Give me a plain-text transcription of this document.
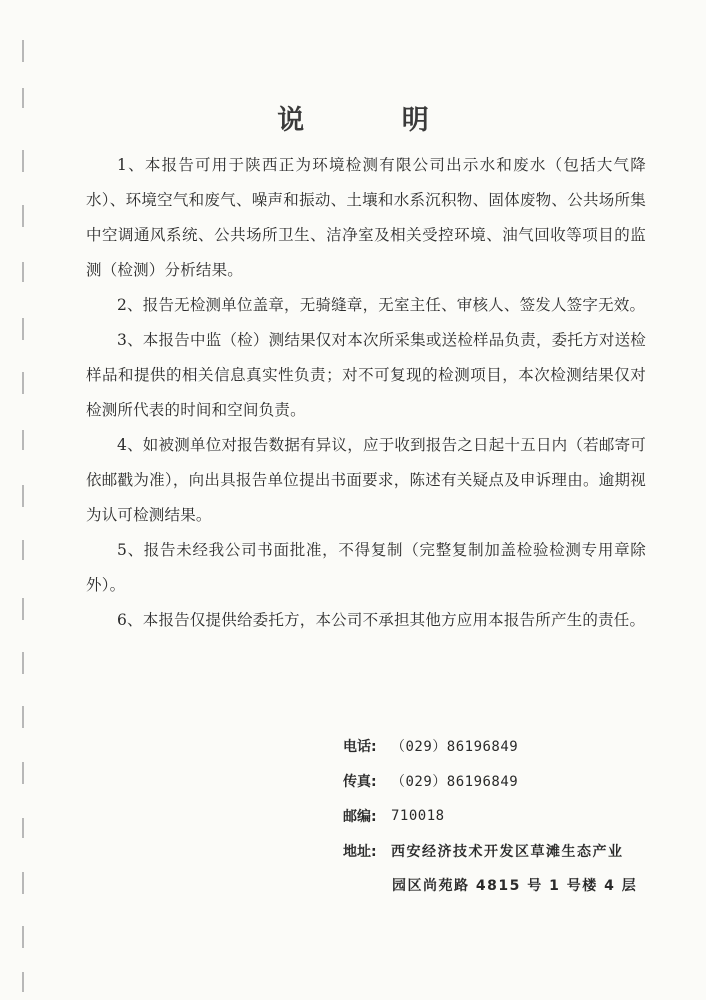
说 明

1、本报告可用于陕西正为环境检测有限公司出示水和废水（包括大气降水）、环境空气和废气、噪声和振动、土壤和水系沉积物、固体废物、公共场所集中空调通风系统、公共场所卫生、洁净室及相关受控环境、油气回收等项目的监测（检测）分析结果。

2、报告无检测单位盖章，无骑缝章，无室主任、审核人、签发人签字无效。

3、本报告中监（检）测结果仅对本次所采集或送检样品负责，委托方对送检样品和提供的相关信息真实性负责；对不可复现的检测项目，本次检测结果仅对检测所代表的时间和空间负责。

4、如被测单位对报告数据有异议，应于收到报告之日起十五日内（若邮寄可依邮戳为准），向出具报告单位提出书面要求，陈述有关疑点及申诉理由。逾期视为认可检测结果。

5、报告未经我公司书面批准，不得复制（完整复制加盖检验检测专用章除外）。

6、本报告仅提供给委托方，本公司不承担其他方应用本报告所产生的责任。

电话:	（029）86196849
传真:	（029）86196849
邮编:	710018
地址:	西安经济技术开发区草滩生态产业
园区尚苑路 4815 号 1 号楼 4 层
